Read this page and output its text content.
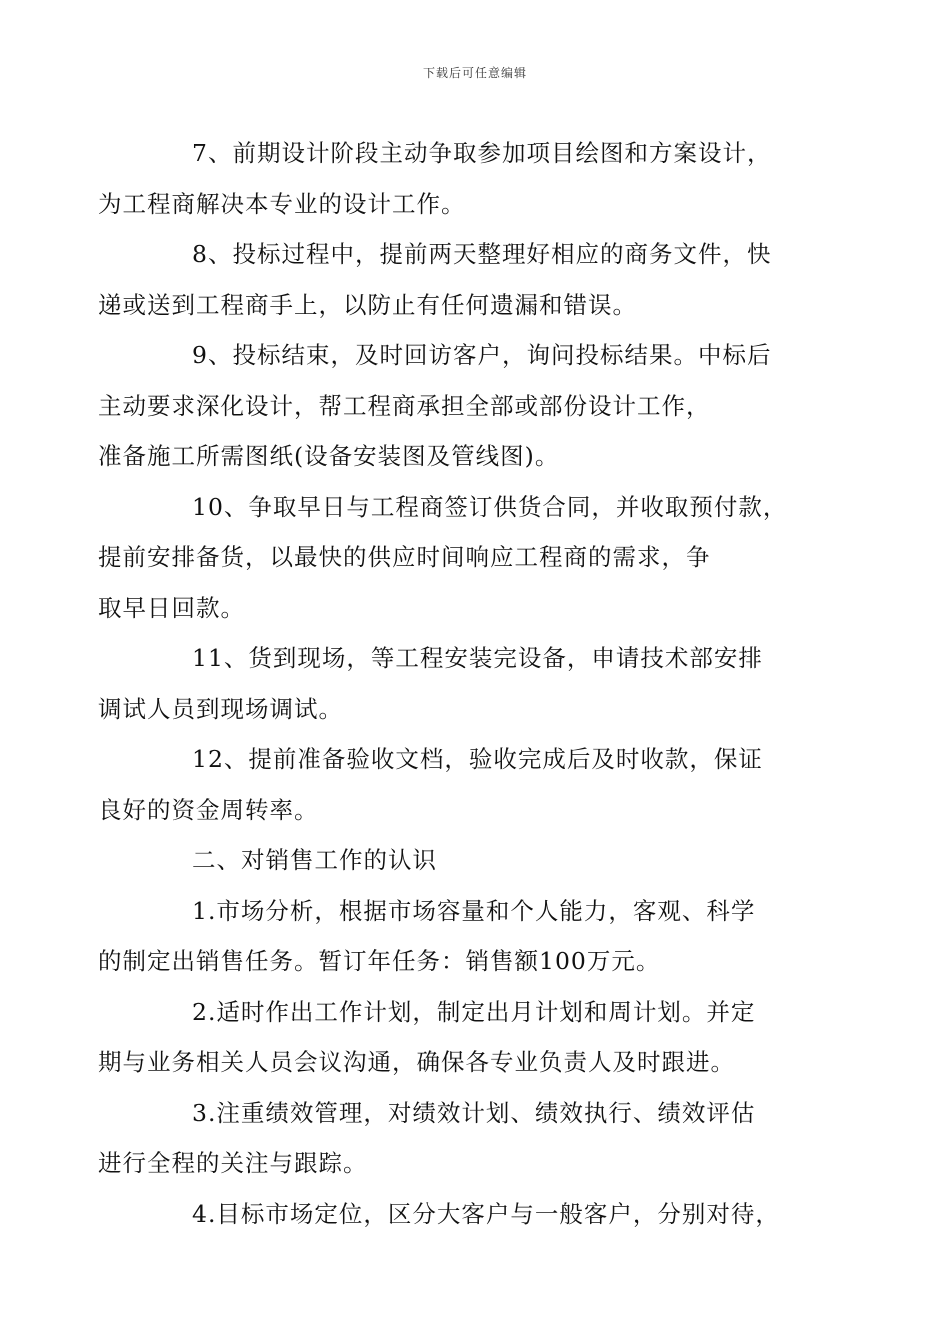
下载后可任意编辑
7、前期设计阶段主动争取参加项目绘图和方案设计，
为工程商解决本专业的设计工作。
8、投标过程中，提前两天整理好相应的商务文件，快
递或送到工程商手上，以防止有任何遗漏和错误。
9、投标结束，及时回访客户，询问投标结果。中标后
主动要求深化设计，帮工程商承担全部或部份设计工作，
准备施工所需图纸(设备安装图及管线图)。
10、争取早日与工程商签订供货合同，并收取预付款，
提前安排备货，以最快的供应时间响应工程商的需求，争
取早日回款。
11、货到现场，等工程安装完设备，申请技术部安排
调试人员到现场调试。
12、提前准备验收文档，验收完成后及时收款，保证
良好的资金周转率。
二、对销售工作的认识
1.市场分析，根据市场容量和个人能力，客观、科学
的制定出销售任务。暂订年任务：销售额100万元。
2.适时作出工作计划，制定出月计划和周计划。并定
期与业务相关人员会议沟通，确保各专业负责人及时跟进。
3.注重绩效管理，对绩效计划、绩效执行、绩效评估
进行全程的关注与跟踪。
4.目标市场定位，区分大客户与一般客户，分别对待，
